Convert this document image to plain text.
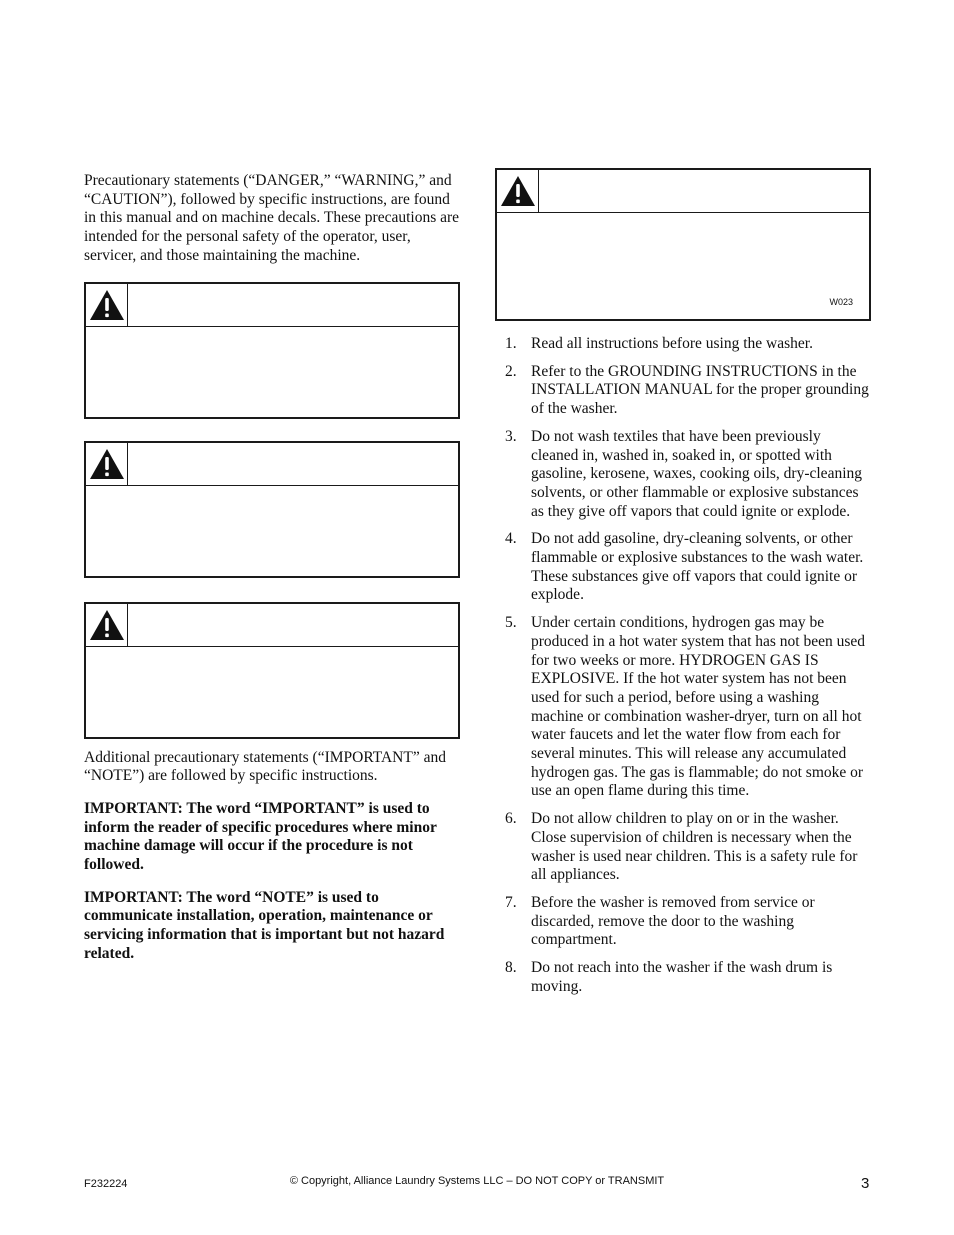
Precautionary statements (“DANGER,” “WARNING,” and “CAUTION”), followed by specific instructions, are found in this manual and on machine decals. These precautions are intended for the personal safety of the operator, user, servicer, and those maintaining the machine.

Additional precautionary statements (“IMPORTANT” and “NOTE”) are followed by specific instructions.

IMPORTANT: The word “IMPORTANT” is used to inform the reader of specific procedures where minor machine damage will occur if the procedure is not followed.

IMPORTANT: The word “NOTE” is used to communicate installation, operation, maintenance or servicing information that is important but not hazard related.

W023
1. Read all instructions before using the washer.
2. Refer to the GROUNDING INSTRUCTIONS in the INSTALLATION MANUAL for the proper grounding of the washer.
3. Do not wash textiles that have been previously cleaned in, washed in, soaked in, or spotted with gasoline, kerosene, waxes, cooking oils, dry-cleaning solvents, or other flammable or explosive substances as they give off vapors that could ignite or explode.
4. Do not add gasoline, dry-cleaning solvents, or other flammable or explosive substances to the wash water. These substances give off vapors that could ignite or explode.
5. Under certain conditions, hydrogen gas may be produced in a hot water system that has not been used for two weeks or more. HYDROGEN GAS IS EXPLOSIVE. If the hot water system has not been used for such a period, before using a washing machine or combination washer-dryer, turn on all hot water faucets and let the water flow from each for several minutes. This will release any accumulated hydrogen gas. The gas is flammable; do not smoke or use an open flame during this time.
6. Do not allow children to play on or in the washer. Close supervision of children is necessary when the washer is used near children. This is a safety rule for all appliances.
7. Before the washer is removed from service or discarded, remove the door to the washing compartment.
8. Do not reach into the washer if the wash drum is moving.
F232224	© Copyright, Alliance Laundry Systems LLC – DO NOT COPY or TRANSMIT	3
